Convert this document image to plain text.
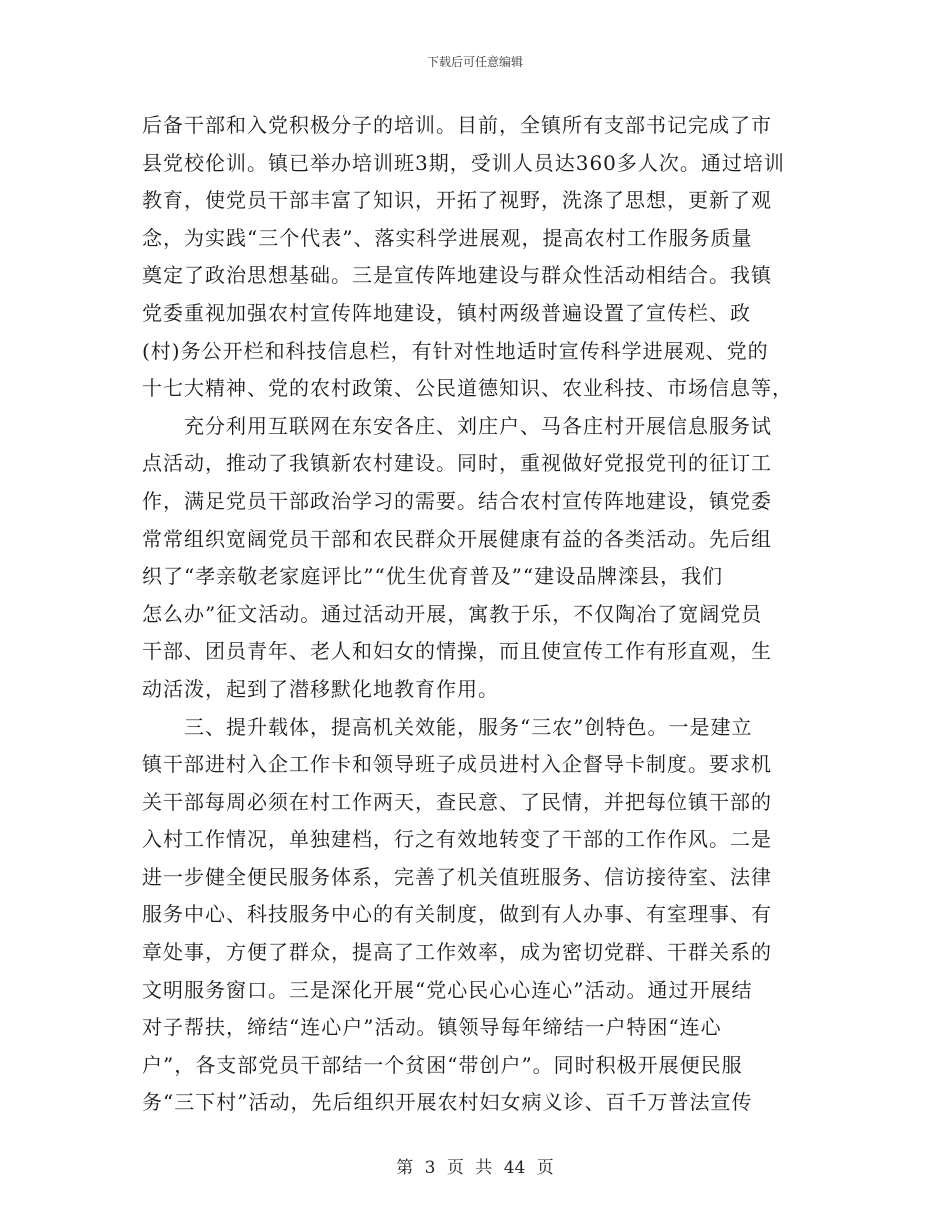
下载后可任意编辑
后备干部和入党积极分子的培训。目前，全镇所有支部书记完成了市
县党校伦训。镇已举办培训班3期，受训人员达360多人次。通过培训
教育，使党员干部丰富了知识，开拓了视野，洗涤了思想，更新了观
念，为实践“三个代表”、落实科学进展观，提高农村工作服务质量
奠定了政治思想基础。三是宣传阵地建设与群众性活动相结合。我镇
党委重视加强农村宣传阵地建设，镇村两级普遍设置了宣传栏、政
(村)务公开栏和科技信息栏，有针对性地适时宣传科学进展观、党的
十七大精神、党的农村政策、公民道德知识、农业科技、市场信息等，
充分利用互联网在东安各庄、刘庄户、马各庄村开展信息服务试
点活动，推动了我镇新农村建设。同时，重视做好党报党刊的征订工
作，满足党员干部政治学习的需要。结合农村宣传阵地建设，镇党委
常常组织宽阔党员干部和农民群众开展健康有益的各类活动。先后组
织了“孝亲敬老家庭评比”“优生优育普及”“建设品牌滦县，我们
怎么办”征文活动。通过活动开展，寓教于乐，不仅陶冶了宽阔党员
干部、团员青年、老人和妇女的情操，而且使宣传工作有形直观，生
动活泼，起到了潜移默化地教育作用。
三、提升载体，提高机关效能，服务“三农”创特色。一是建立
镇干部进村入企工作卡和领导班子成员进村入企督导卡制度。要求机
关干部每周必须在村工作两天，查民意、了民情，并把每位镇干部的
入村工作情况，单独建档，行之有效地转变了干部的工作作风。二是
进一步健全便民服务体系，完善了机关值班服务、信访接待室、法律
服务中心、科技服务中心的有关制度，做到有人办事、有室理事、有
章处事，方便了群众，提高了工作效率，成为密切党群、干群关系的
文明服务窗口。三是深化开展“党心民心心连心”活动。通过开展结
对子帮扶，缔结“连心户”活动。镇领导每年缔结一户特困“连心
户”，各支部党员干部结一个贫困“带创户”。同时积极开展便民服
务“三下村”活动，先后组织开展农村妇女病义诊、百千万普法宣传
第 3 页 共 44 页
